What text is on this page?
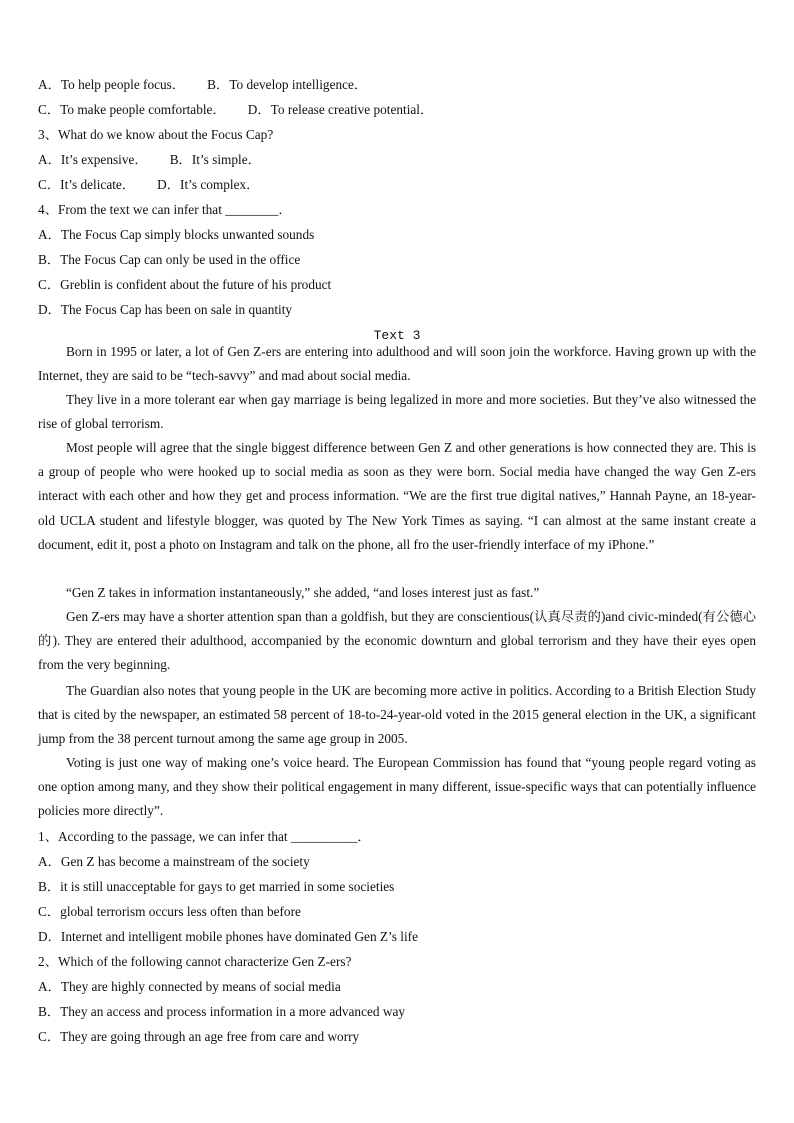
A．To help people focus． B．To develop intelligence．
C．To make people comfortable． D．To release creative potential．
3、What do we know about the Focus Cap?
A．It’s expensive． B．It’s simple．
C．It’s delicate． D．It’s complex．
4、From the text we can infer that ________．
A．The Focus Cap simply blocks unwanted sounds
B．The Focus Cap can only be used in the office
C．Greblin is confident about the future of his product
D．The Focus Cap has been on sale in quantity
Text 3

Born in 1995 or later, a lot of Gen Z-ers are entering into adulthood and will soon join the workforce. Having grown up with the Internet, they are said to be “tech-savvy” and mad about social media.

They live in a more tolerant ear when gay marriage is being legalized in more and more societies. But they’ve also witnessed the rise of global terrorism.

Most people will agree that the single biggest difference between Gen Z and other generations is how connected they are. This is a group of people who were hooked up to social media as soon as they were born. Social media have changed the way Gen Z-ers interact with each other and how they get and process information. “We are the first true digital natives,” Hannah Payne, an 18-year-old UCLA student and lifestyle blogger, was quoted by The New York Times as saying. “I can almost at the same instant create a document, edit it, post a photo on Instagram and talk on the phone, all fro the user-friendly interface of my iPhone.”

“Gen Z takes in information instantaneously,” she added, “and loses interest just as fast.”

Gen Z-ers may have a shorter attention span than a goldfish, but they are conscientious(认真尽责的)and civic-minded(有公德心的). They are entered their adulthood, accompanied by the economic downturn and global terrorism and they have their eyes open from the very beginning.

The Guardian also notes that young people in the UK are becoming more active in politics. According to a British Election Study that is cited by the newspaper, an estimated 58 percent of 18-to-24-year-old voted in the 2015 general election in the UK, a significant jump from the 38 percent turnout among the same age group in 2005.

Voting is just one way of making one’s voice heard. The European Commission has found that “young people regard voting as one option among many, and they show their political engagement in many different, issue-specific ways that can potentially influence policies more directly”.

1、According to the passage, we can infer that __________．
A．Gen Z has become a mainstream of the society
B．it is still unacceptable for gays to get married in some societies
C．global terrorism occurs less often than before
D．Internet and intelligent mobile phones have dominated Gen Z’s life
2、Which of the following cannot characterize Gen Z-ers?
A．They are highly connected by means of social media
B．They an access and process information in a more advanced way
C．They are going through an age free from care and worry
